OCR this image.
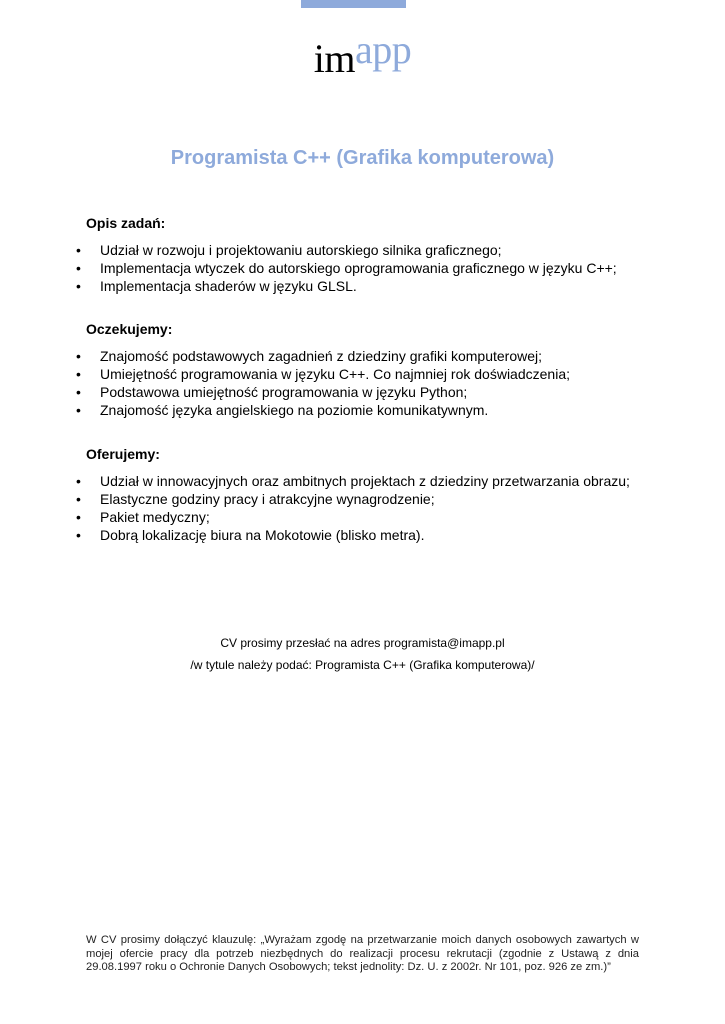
imapp
Programista C++ (Grafika komputerowa)
Opis zadań:
• Udział w rozwoju i projektowaniu autorskiego silnika graficznego;
• Implementacja wtyczek do autorskiego oprogramowania graficznego w języku C++;
• Implementacja shaderów w języku GLSL.
Oczekujemy:
• Znajomość podstawowych zagadnień z dziedziny grafiki komputerowej;
• Umiejętność programowania w języku C++. Co najmniej rok doświadczenia;
• Podstawowa umiejętność programowania w języku Python;
• Znajomość języka angielskiego na poziomie komunikatywnym.
Oferujemy:
• Udział w innowacyjnych oraz ambitnych projektach z dziedziny przetwarzania obrazu;
• Elastyczne godziny pracy i atrakcyjne wynagrodzenie;
• Pakiet medyczny;
• Dobrą lokalizację biura na Mokotowie (blisko metra).
CV prosimy przesłać na adres programista@imapp.pl
/w tytule należy podać: Programista C++ (Grafika komputerowa)/
W CV prosimy dołączyć klauzulę: „Wyrażam zgodę na przetwarzanie moich danych osobowych zawartych w mojej ofercie pracy dla potrzeb niezbędnych do realizacji procesu rekrutacji (zgodnie z Ustawą z dnia 29.08.1997 roku o Ochronie Danych Osobowych; tekst jednolity: Dz. U. z 2002r. Nr 101, poz. 926 ze zm.)”
